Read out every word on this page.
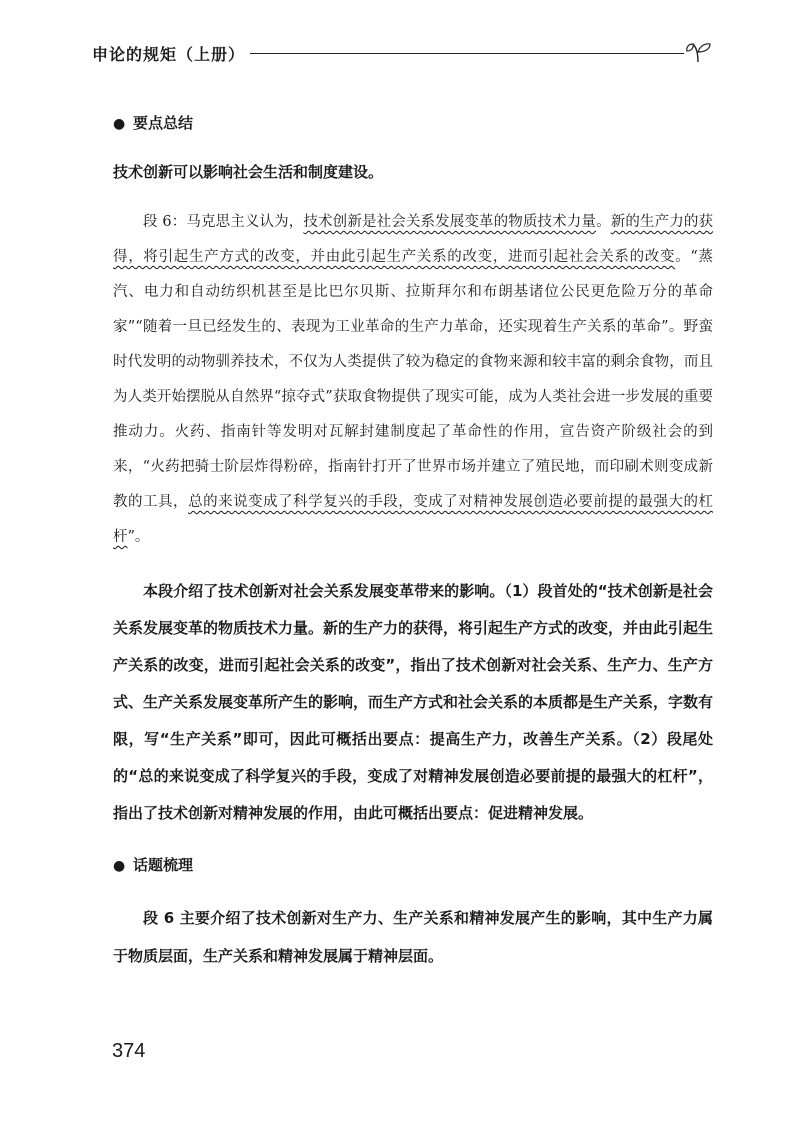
申论的规矩（上册）

● 要点总结

技术创新可以影响社会生活和制度建设。

段 6：马克思主义认为，技术创新是社会关系发展变革的物质技术力量。新的生产力的获得，将引起生产方式的改变，并由此引起生产关系的改变，进而引起社会关系的改变。“蒸汽、电力和自动纺织机甚至是比巴尔贝斯、拉斯拜尔和布朗基诸位公民更危险万分的革命家”“随着一旦已经发生的、表现为工业革命的生产力革命，还实现着生产关系的革命”。野蛮时代发明的动物驯养技术，不仅为人类提供了较为稳定的食物来源和较丰富的剩余食物，而且为人类开始摆脱从自然界“掠夺式”获取食物提供了现实可能，成为人类社会进一步发展的重要推动力。火药、指南针等发明对瓦解封建制度起了革命性的作用，宣告资产阶级社会的到来，“火药把骑士阶层炸得粉碎，指南针打开了世界市场并建立了殖民地，而印刷术则变成新教的工具，总的来说变成了科学复兴的手段，变成了对精神发展创造必要前提的最强大的杠杆”。

本段介绍了技术创新对社会关系发展变革带来的影响。（1）段首处的“技术创新是社会关系发展变革的物质技术力量。新的生产力的获得，将引起生产方式的改变，并由此引起生产关系的改变，进而引起社会关系的改变”，指出了技术创新对社会关系、生产力、生产方式、生产关系发展变革所产生的影响，而生产方式和社会关系的本质都是生产关系，字数有限，写“生产关系”即可，因此可概括出要点：提高生产力，改善生产关系。（2）段尾处的“总的来说变成了科学复兴的手段，变成了对精神发展创造必要前提的最强大的杠杆”，指出了技术创新对精神发展的作用，由此可概括出要点：促进精神发展。

● 话题梳理

段 6 主要介绍了技术创新对生产力、生产关系和精神发展产生的影响，其中生产力属于物质层面，生产关系和精神发展属于精神层面。

374
